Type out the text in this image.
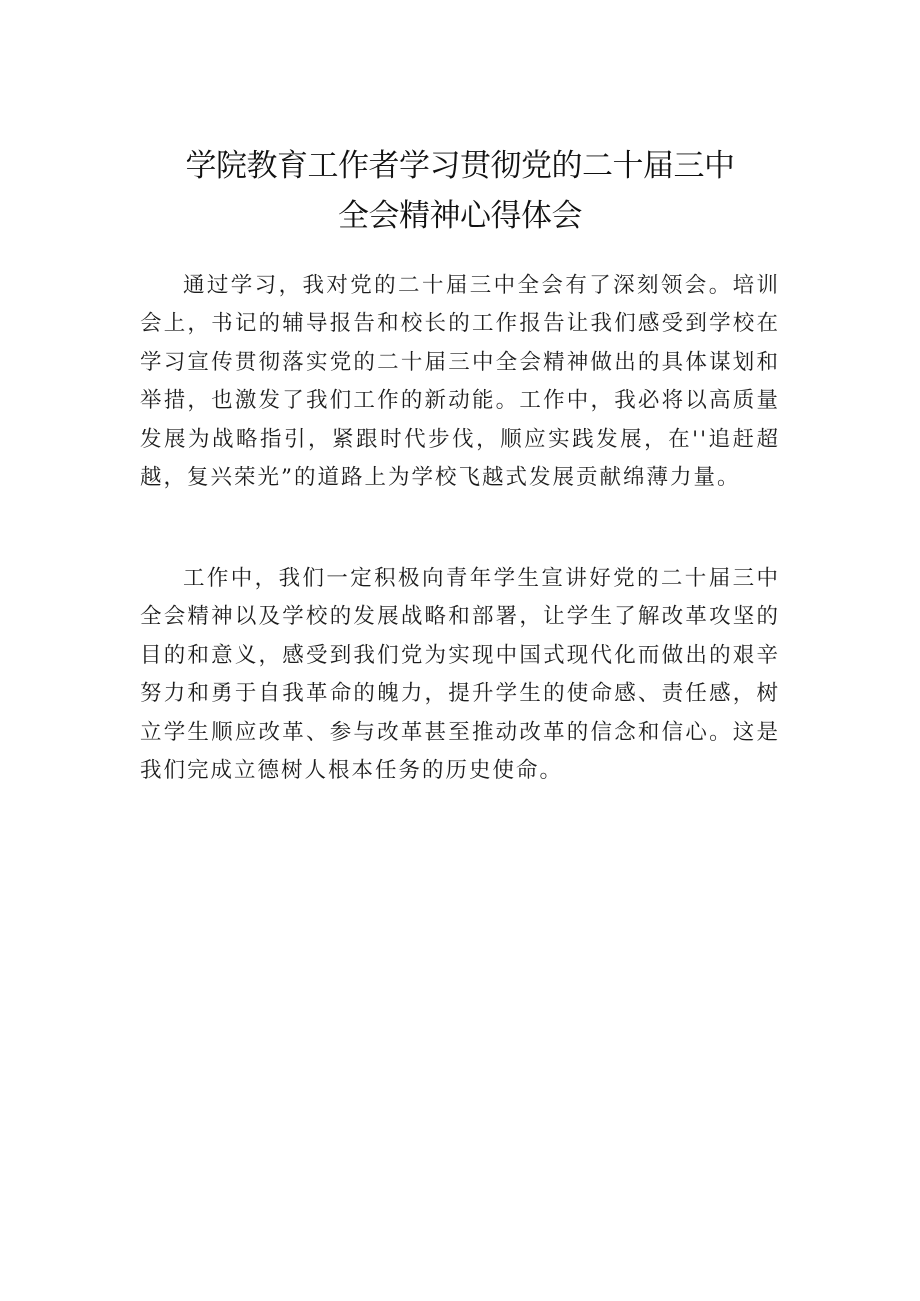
学院教育工作者学习贯彻党的二十届三中
全会精神心得体会

通过学习，我对党的二十届三中全会有了深刻领会。培训会上，书记的辅导报告和校长的工作报告让我们感受到学校在学习宣传贯彻落实党的二十届三中全会精神做出的具体谋划和举措，也激发了我们工作的新动能。工作中，我必将以高质量发展为战略指引，紧跟时代步伐，顺应实践发展，在''追赶超越，复兴荣光”的道路上为学校飞越式发展贡献绵薄力量。

工作中，我们一定积极向青年学生宣讲好党的二十届三中全会精神以及学校的发展战略和部署，让学生了解改革攻坚的目的和意义，感受到我们党为实现中国式现代化而做出的艰辛努力和勇于自我革命的魄力，提升学生的使命感、责任感，树立学生顺应改革、参与改革甚至推动改革的信念和信心。这是我们完成立德树人根本任务的历史使命。
